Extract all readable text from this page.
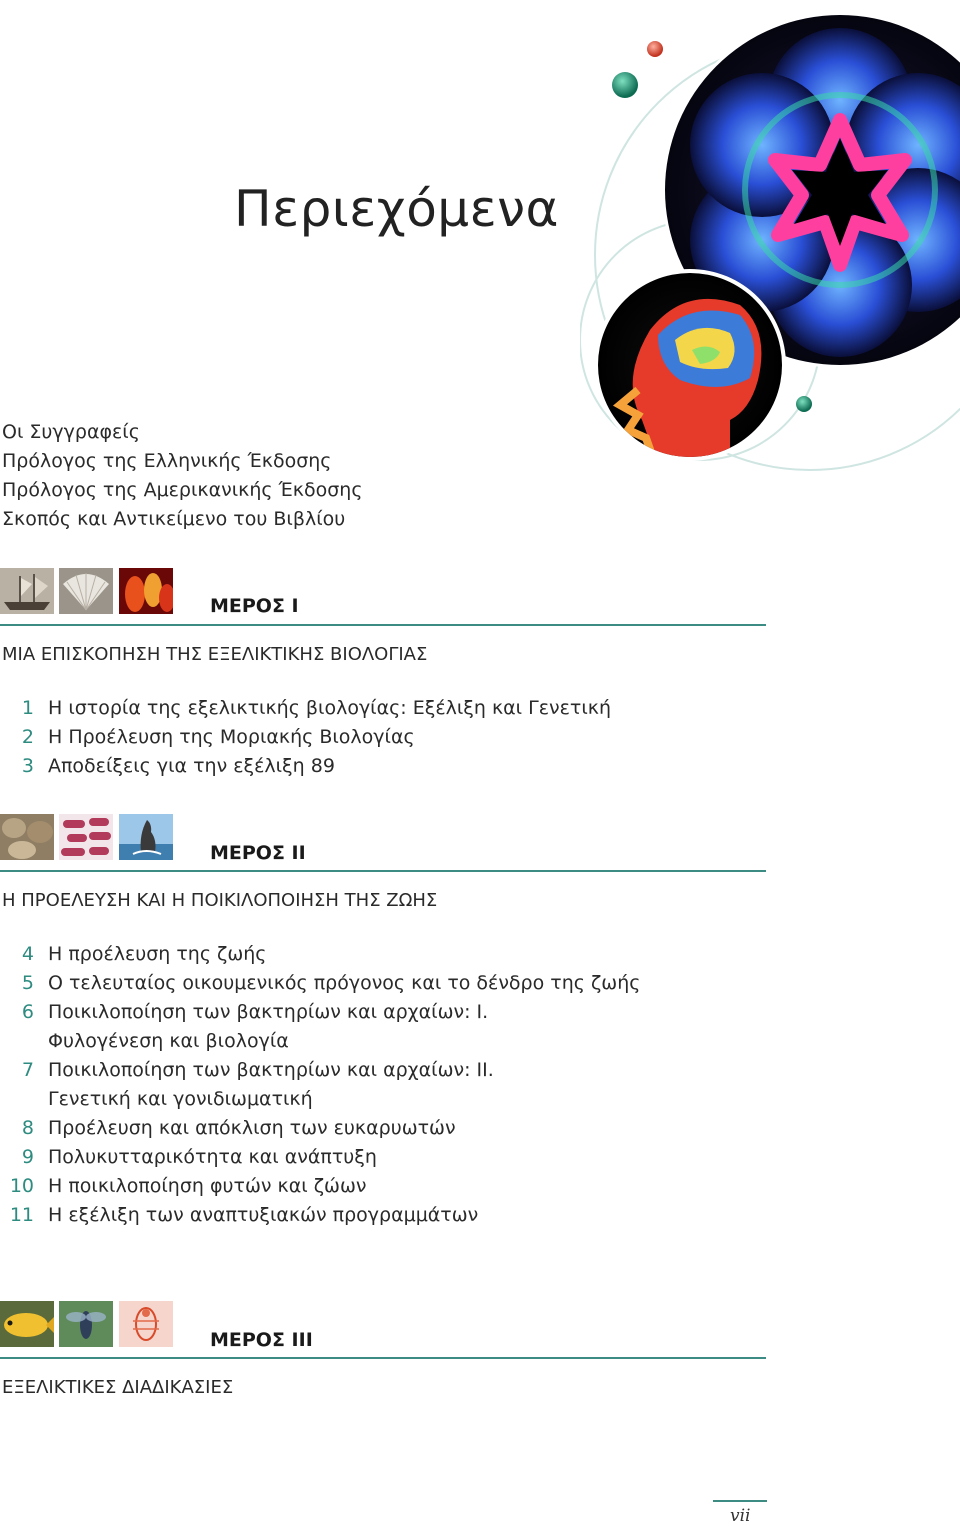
Περιεχόμενα
Οι Συγγραφείς
Πρόλογος της Ελληνικής Έκδοσης
Πρόλογος της Αμερικανικής Έκδοσης
Σκοπός και Αντικείμενο του Βιβλίου
ΜΕΡΟΣ I
ΜΙΑ ΕΠΙΣΚΟΠΗΣΗ ΤΗΣ ΕΞΕΛΙΚΤΙΚΗΣ ΒΙΟΛΟΓΙΑΣ
1 Η ιστορία της εξελικτικής βιολογίας: Εξέλιξη και Γενετική
2 Η Προέλευση της Μοριακής Βιολογίας
3 Αποδείξεις για την εξέλιξη 89
ΜΕΡΟΣ II
Η ΠΡΟΕΛΕΥΣΗ ΚΑΙ Η ΠΟΙΚΙΛΟΠΟΙΗΣΗ ΤΗΣ ΖΩΗΣ
4 Η προέλευση της ζωής
5 Ο τελευταίος οικουμενικός πρόγονος και το δένδρο της ζωής
6 Ποικιλοποίηση των βακτηρίων και αρχαίων: Ι.
Φυλογένεση και βιολογία
7 Ποικιλοποίηση των βακτηρίων και αρχαίων: ΙΙ.
Γενετική και γονιδιωματική
8 Προέλευση και απόκλιση των ευκαρυωτών
9 Πολυκυτταρικότητα και ανάπτυξη
10 Η ποικιλοποίηση φυτών και ζώων
11 Η εξέλιξη των αναπτυξιακών προγραμμάτων
ΜΕΡΟΣ III
ΕΞΕΛΙΚΤΙΚΕΣ ΔΙΑΔΙΚΑΣΙΕΣ
vii
